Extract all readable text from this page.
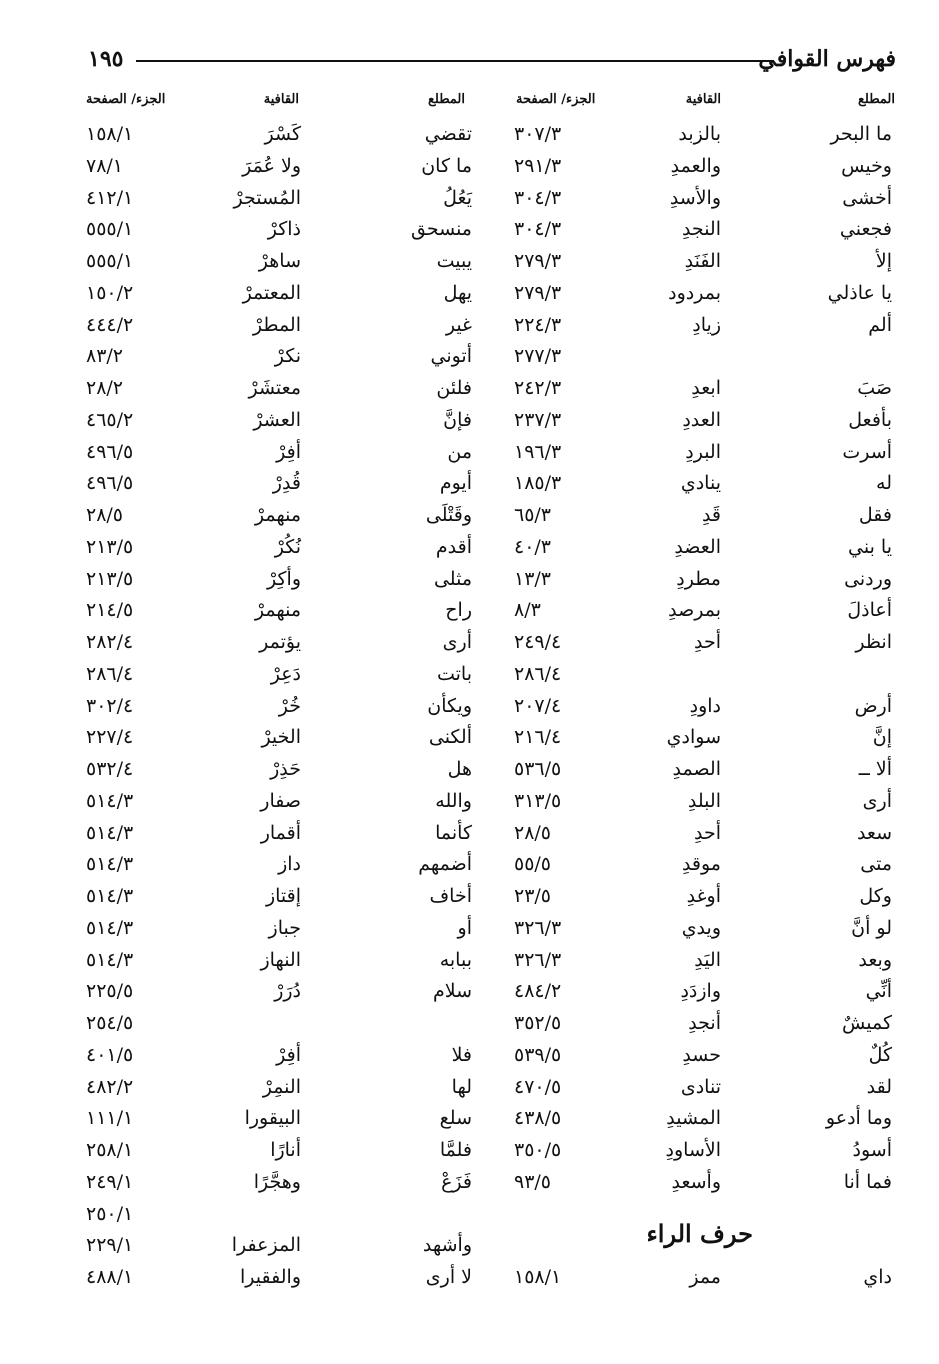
فهرس القوافي
١٩٥
المطلع
القافية
الجزء/ الصفحة
المطلع
القافية
الجزء/ الصفحة
ما البحر
بالزبد
٣٠٧/٣
تقضي
كَسْرَ
١٥٨/١
وخيس
والعمدِ
٢٩١/٣
ما كان
ولا عُمَرَ
٧٨/١
أخشى
والأسدِ
٣٠٤/٣
يَعُلُ
المُستجرْ
٤١٢/١
فجعني
النجدِ
٣٠٤/٣
منسحق
ذاكرْ
٥٥٥/١
إلأ
الفَنَدِ
٢٧٩/٣
يبيت
ساهرْ
٥٥٥/١
يا عاذلي
بمردود
٢٧٩/٣
يهل
المعتمرْ
١٥٠/٢
ألم
زيادِ
٢٢٤/٣
غير
المطرْ
٤٤٤/٢
٢٧٧/٣
أتوني
نكرْ
٨٣/٢
صَبَ
ابعدِ
٢٤٢/٣
فلئن
معتشَرْ
٢٨/٢
بأفعل
العددِ
٢٣٧/٣
فإنَّ
العشرْ
٤٦٥/٢
أسرت
البردِ
١٩٦/٣
من
أفِرْ
٤٩٦/٥
له
ينادي
١٨٥/٣
أيوم
قُدِرْ
٤٩٦/٥
فقل
قَدِ
٦٥/٣
وقَتْلَى
منهمرْ
٢٨/٥
يا بني
العضدِ
٤٠/٣
أقدم
نُكُرْ
٢١٣/٥
وردنى
مطردِ
١٣/٣
مثلى
وأكِرْ
٢١٣/٥
أعاذلَ
بمرصدِ
٨/٣
راح
منهمرْ
٢١٤/٥
انظر
أحدِ
٢٤٩/٤
أرى
يؤتمر
٢٨٢/٤
٢٨٦/٤
باتت
دَعِرْ
٢٨٦/٤
أرض
داودِ
٢٠٧/٤
ويكأن
خُرْ
٣٠٢/٤
إنَّ
سوادي
٢١٦/٤
ألكنى
الخيرْ
٢٢٧/٤
ألا ــ
الصمدِ
٥٣٦/٥
هل
حَذِرْ
٥٣٢/٤
أرى
البلدِ
٣١٣/٥
والله
صفار
٥١٤/٣
سعد
أحدِ
٢٨/٥
كأنما
أقمار
٥١٤/٣
متى
موقدِ
٥٥/٥
أضمهم
داز
٥١٤/٣
وكل
أوغدِ
٢٣/٥
أخاف
إقتاز
٥١٤/٣
لو أنَّ
ويدي
٣٢٦/٣
أو
جباز
٥١٤/٣
وبعد
اليَدِ
٣٢٦/٣
ببابه
النهاز
٥١٤/٣
أنِّي
وازدَدِ
٤٨٤/٢
سلام
دُرَرْ
٢٢٥/٥
كميشٌ
أنجدِ
٣٥٢/٥
٢٥٤/٥
كُلٌ
حسدِ
٥٣٩/٥
فلا
أفِرْ
٤٠١/٥
لقد
تنادى
٤٧٠/٥
لها
النمِرْ
٤٨٢/٢
وما أدعو
المشيدِ
٤٣٨/٥
سلع
البيقورا
١١١/١
أسودُ
الأساودِ
٣٥٠/٥
فلمَّا
أنارًا
٢٥٨/١
فما أنا
وأسعدِ
٩٣/٥
فَزَعْ
وهجَّرًا
٢٤٩/١
٢٥٠/١
وأشهد
المزعفرا
٢٢٩/١
داي
ممز
١٥٨/١
لا أرى
والفقيرا
٤٨٨/١
حرف الراء
